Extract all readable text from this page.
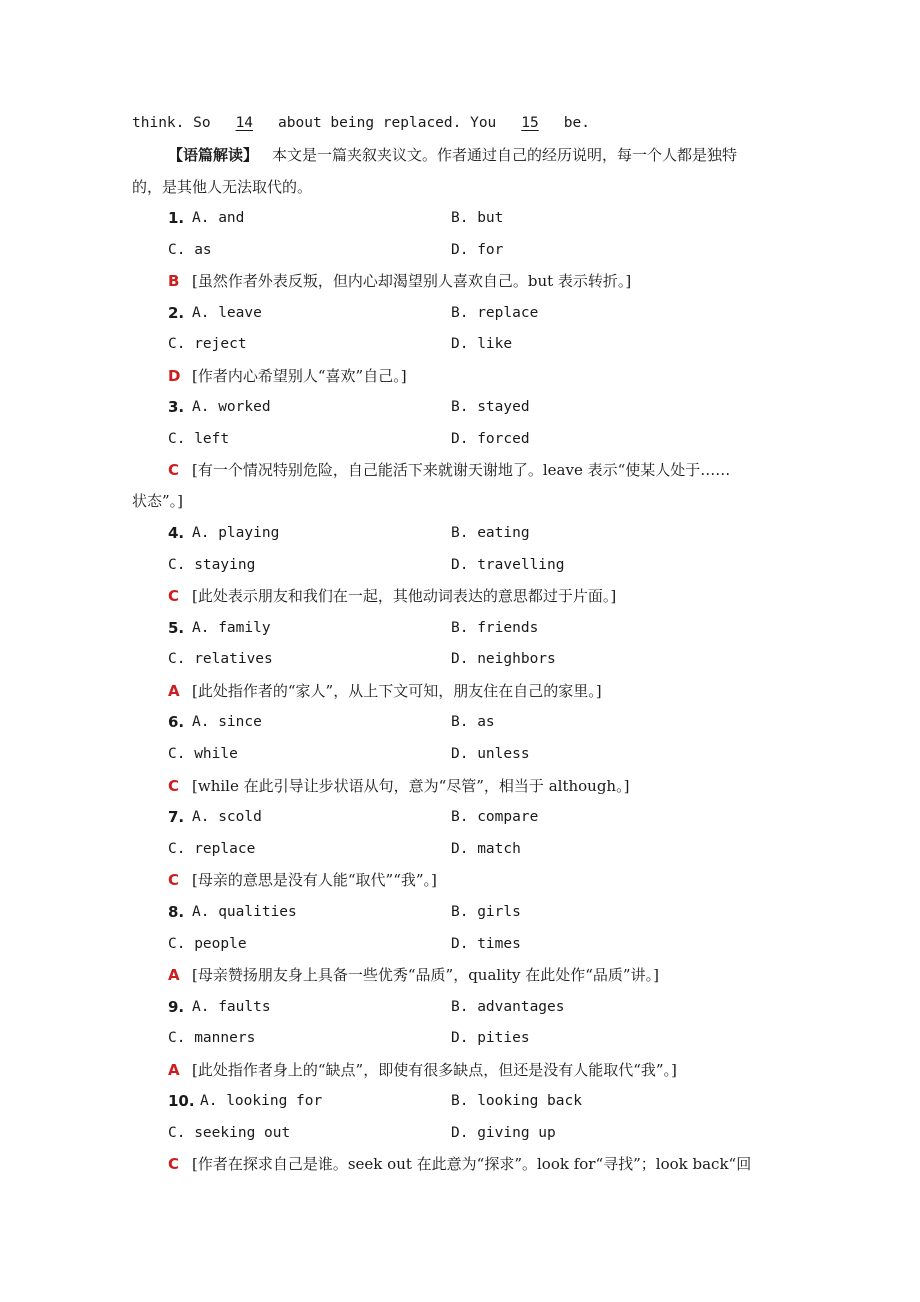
think. So 14 about being replaced. You 15 be.
【语篇解读】 本文是一篇夹叙夹议文。作者通过自己的经历说明，每一个人都是独特
的，是其他人无法取代的。
1. A. and	B. but
C. as	D. for
B [虽然作者外表反叛，但内心却渴望别人喜欢自己。but 表示转折。]
2. A. leave	B. replace
C. reject	D. like
D [作者内心希望别人“喜欢”自己。]
3. A. worked	B. stayed
C. left	D. forced
C [有一个情况特别危险，自己能活下来就谢天谢地了。leave 表示“使某人处于……
状态”。]
4. A. playing	B. eating
C. staying	D. travelling
C [此处表示朋友和我们在一起，其他动词表达的意思都过于片面。]
5. A. family	B. friends
C. relatives	D. neighbors
A [此处指作者的“家人”，从上下文可知，朋友住在自己的家里。]
6. A. since	B. as
C. while	D. unless
C [while 在此引导让步状语从句，意为“尽管”，相当于 although。]
7. A. scold	B. compare
C. replace	D. match
C [母亲的意思是没有人能“取代”“我”。]
8. A. qualities	B. girls
C. people	D. times
A [母亲赞扬朋友身上具备一些优秀“品质”，quality 在此处作“品质”讲。]
9. A. faults	B. advantages
C. manners	D. pities
A [此处指作者身上的“缺点”，即使有很多缺点，但还是没有人能取代“我”。]
10. A. looking for	B. looking back
C. seeking out	D. giving up
C [作者在探求自己是谁。seek out 在此意为“探求”。look for“寻找”；look back“回
